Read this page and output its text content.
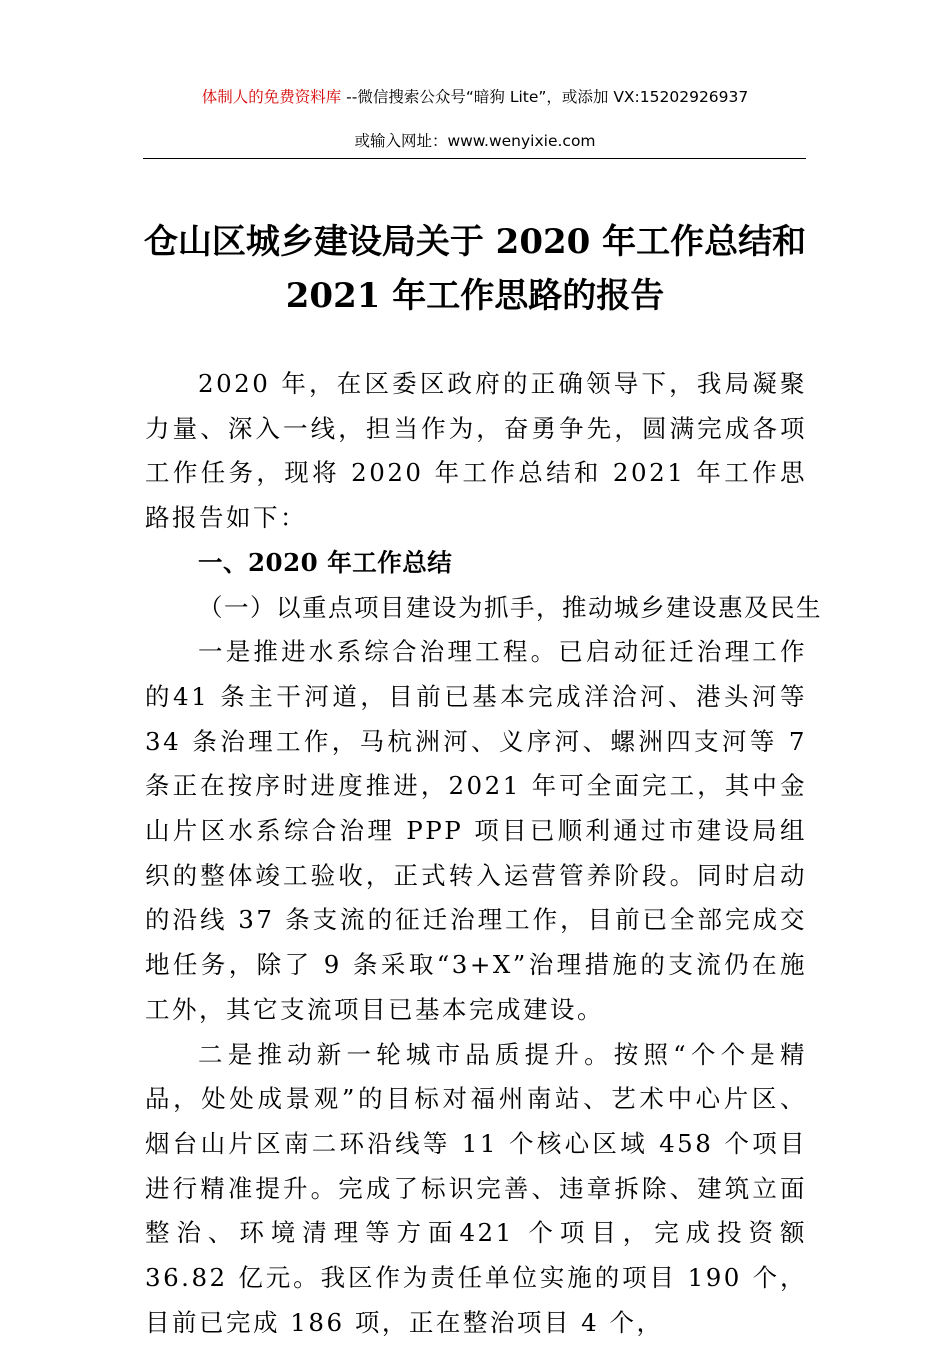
体制人的免费资料库 --微信搜索公众号“暗狗 Lite”，或添加 VX:15202926937
或输入网址：www.wenyixie.com
仓山区城乡建设局关于 2020 年工作总结和
2021 年工作思路的报告

2020 年，在区委区政府的正确领导下，我局凝聚力量、深入一线，担当作为，奋勇争先，圆满完成各项工作任务，现将 2020 年工作总结和 2021 年工作思路报告如下：

一、2020 年工作总结

（一）以重点项目建设为抓手，推动城乡建设惠及民生

一是推进水系综合治理工程。已启动征迁治理工作的41 条主干河道，目前已基本完成洋洽河、港头河等 34 条治理工作，马杭洲河、义序河、螺洲四支河等 7 条正在按序时进度推进，2021 年可全面完工，其中金山片区水系综合治理 PPP 项目已顺利通过市建设局组织的整体竣工验收，正式转入运营管养阶段。同时启动的沿线 37 条支流的征迁治理工作，目前已全部完成交地任务，除了 9 条采取“3+X”治理措施的支流仍在施工外，其它支流项目已基本完成建设。

二是推动新一轮城市品质提升。按照“个个是精品，处处成景观”的目标对福州南站、艺术中心片区、烟台山片区南二环沿线等 11 个核心区域 458 个项目进行精准提升。完成了标识完善、违章拆除、建筑立面整治、环境清理等方面421 个项目，完成投资额 36.82 亿元。我区作为责任单位实施的项目 190 个，目前已完成 186 项，正在整治项目 4 个，
